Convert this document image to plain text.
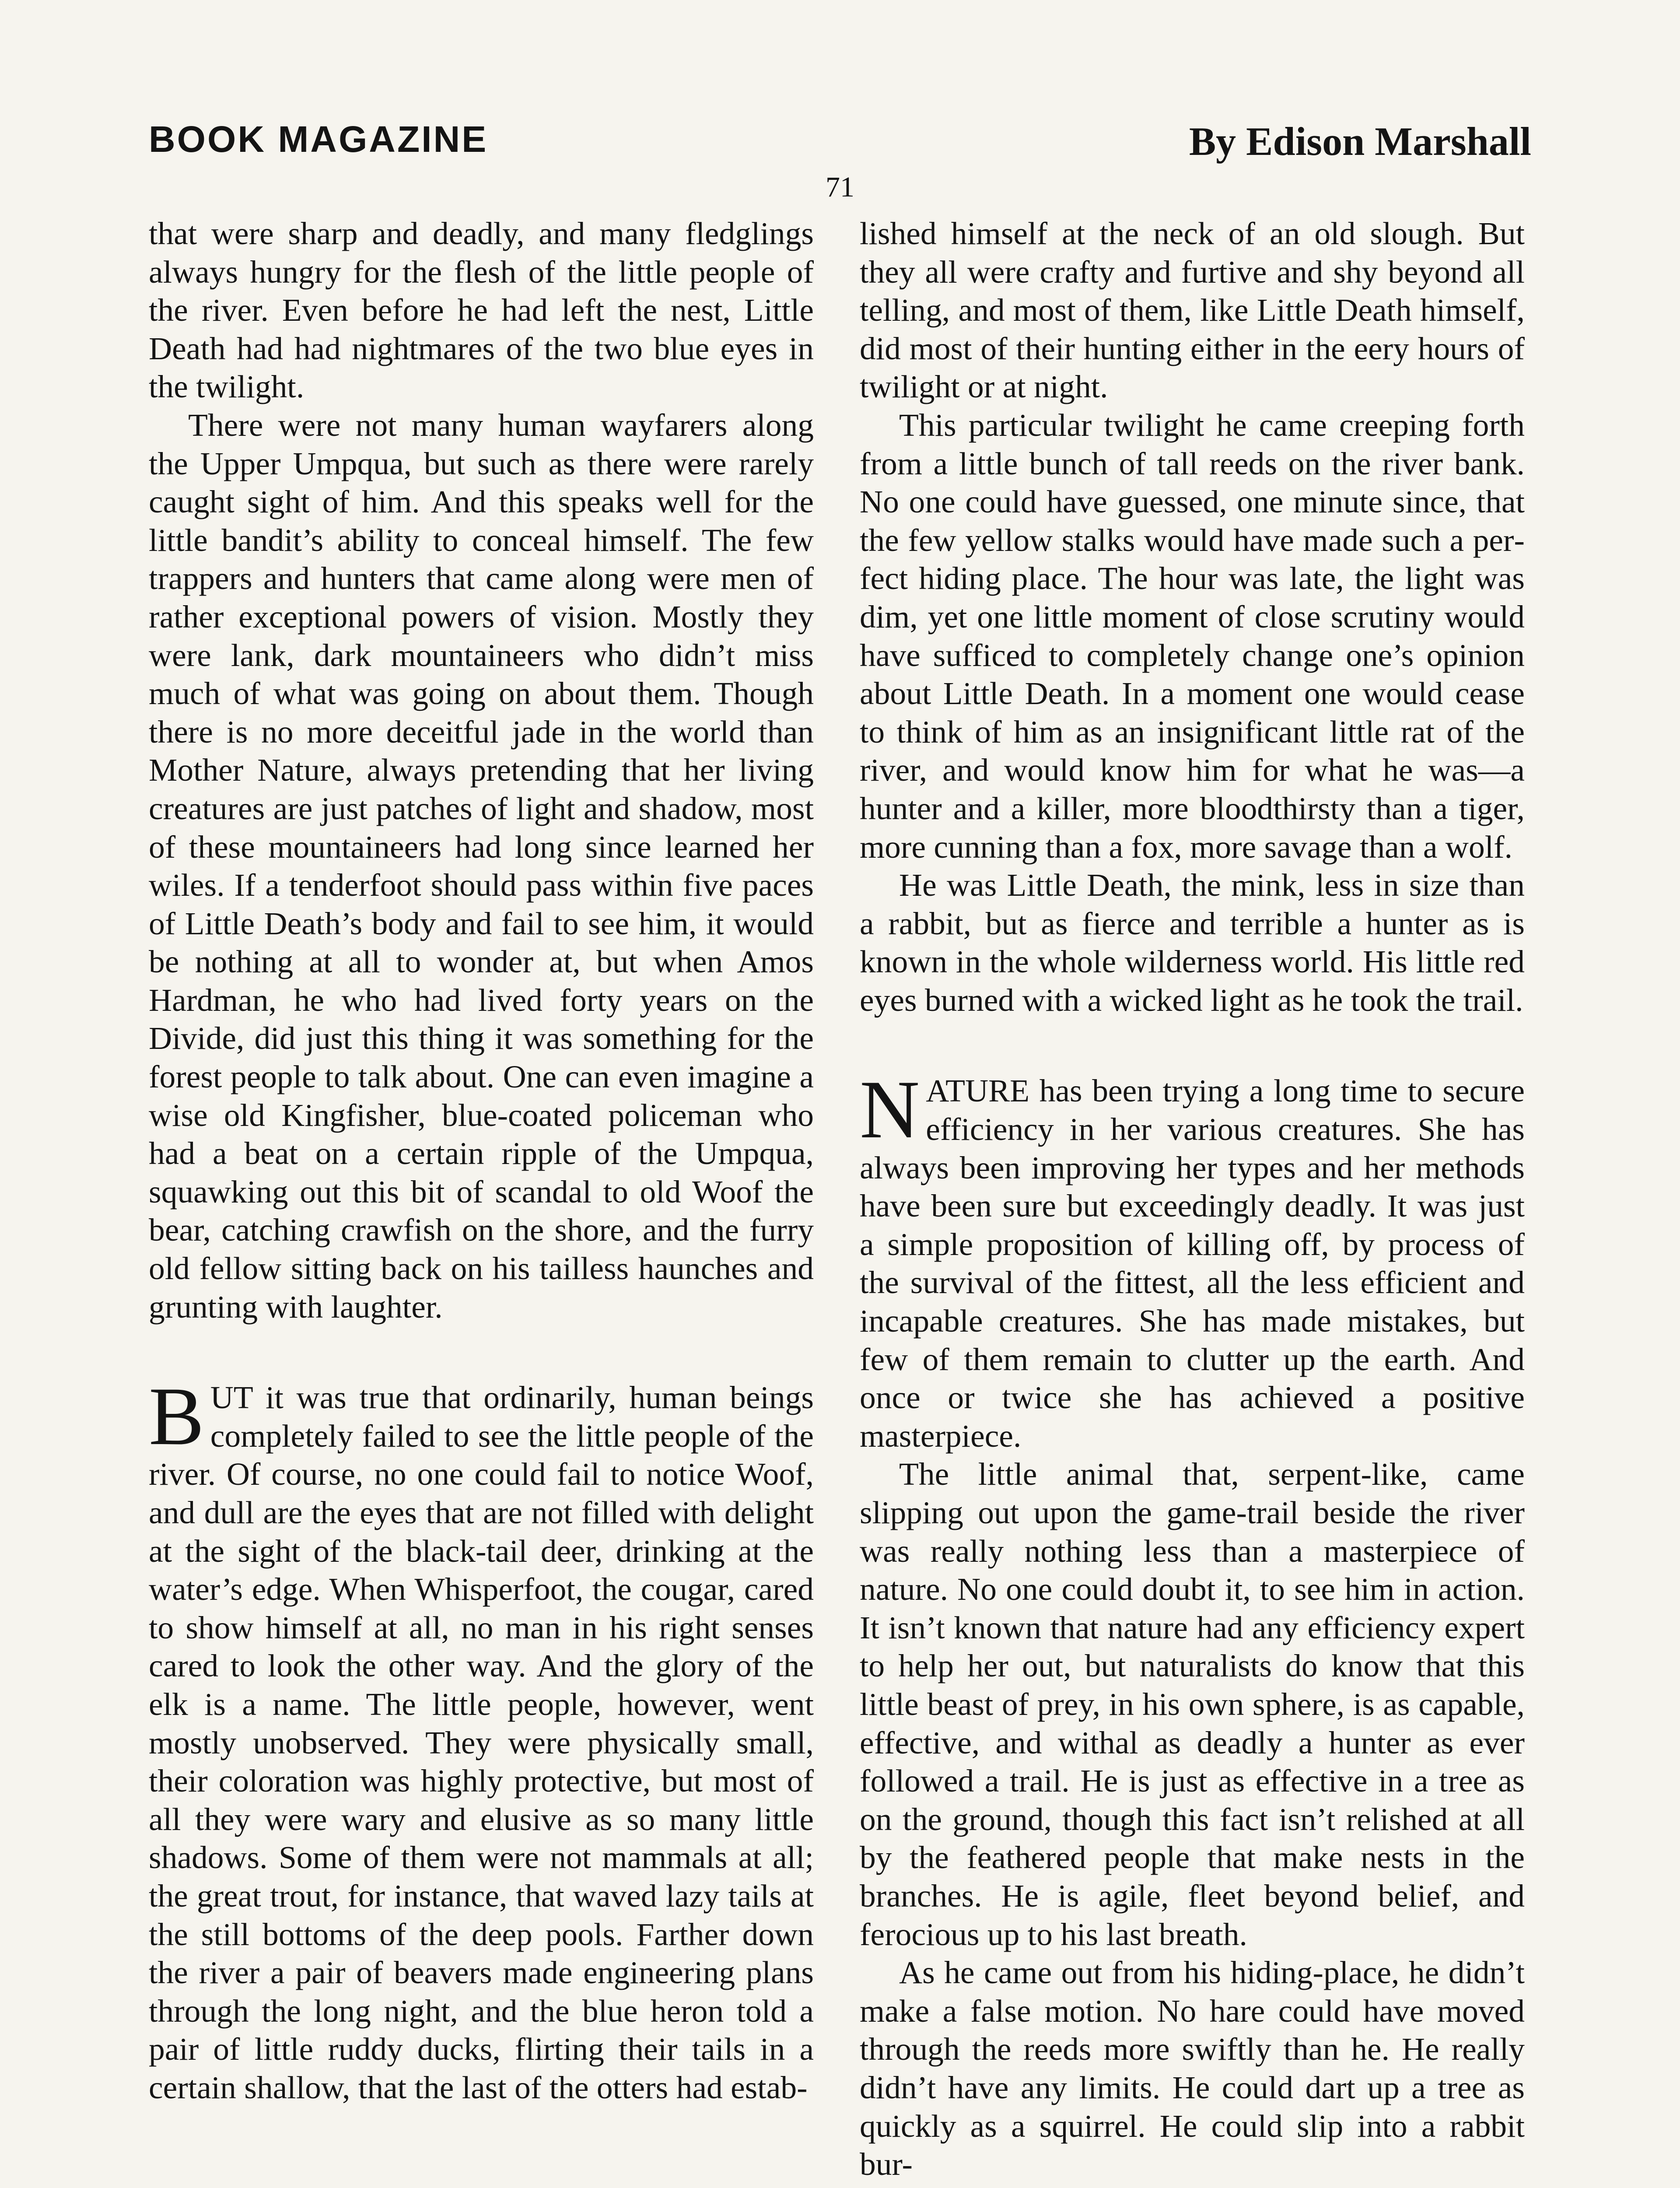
BOOK MAGAZINE	By Edison Marshall
71

that were sharp and deadly, and many fledglings always hungry for the flesh of the little people of the river. Even before he had left the nest, Little Death had had nightmares of the two blue eyes in the twilight.

There were not many human wayfarers along the Upper Umpqua, but such as there were rarely caught sight of him. And this speaks well for the little bandit’s ability to conceal himself. The few trappers and hunters that came along were men of rather exceptional powers of vision. Mostly they were lank, dark mountaineers who didn’t miss much of what was going on about them. Though there is no more deceitful jade in the world than Mother Nature, always pretending that her living creatures are just patches of light and shadow, most of these mountaineers had long since learned her wiles. If a tenderfoot should pass within five paces of Little Death’s body and fail to see him, it would be nothing at all to wonder at, but when Amos Hardman, he who had lived forty years on the Divide, did just this thing it was something for the forest people to talk about. One can even imagine a wise old Kingfisher, blue-coated policeman who had a beat on a certain ripple of the Umpqua, squawking out this bit of scandal to old Woof the bear, catching crawfish on the shore, and the furry old fellow sitting back on his tailless haunches and grunting with laughter.

BUT it was true that ordinarily, human beings completely failed to see the little people of the river. Of course, no one could fail to notice Woof, and dull are the eyes that are not filled with delight at the sight of the black-tail deer, drinking at the water’s edge. When Whisperfoot, the cougar, cared to show himself at all, no man in his right senses cared to look the other way. And the glory of the elk is a name. The little people, however, went mostly unobserved. They were physically small, their coloration was highly protective, but most of all they were wary and elusive as so many little shadows. Some of them were not mammals at all; the great trout, for instance, that waved lazy tails at the still bottoms of the deep pools. Farther down the river a pair of beavers made engineering plans through the long night, and the blue heron told a pair of little ruddy ducks, flirting their tails in a certain shallow, that the last of the otters had estab-

lished himself at the neck of an old slough. But they all were crafty and furtive and shy beyond all telling, and most of them, like Little Death himself, did most of their hunting either in the eery hours of twilight or at night.

This particular twilight he came creeping forth from a little bunch of tall reeds on the river bank. No one could have guessed, one minute since, that the few yellow stalks would have made such a perfect hiding place. The hour was late, the light was dim, yet one little moment of close scrutiny would have sufficed to completely change one’s opinion about Little Death. In a moment one would cease to think of him as an insignificant little rat of the river, and would know him for what he was—a hunter and a killer, more bloodthirsty than a tiger, more cunning than a fox, more savage than a wolf.

He was Little Death, the mink, less in size than a rabbit, but as fierce and terrible a hunter as is known in the whole wilderness world. His little red eyes burned with a wicked light as he took the trail.

NATURE has been trying a long time to secure efficiency in her various creatures. She has always been improving her types and her methods have been sure but exceedingly deadly. It was just a simple proposition of killing off, by process of the survival of the fittest, all the less efficient and incapable creatures. She has made mistakes, but few of them remain to clutter up the earth. And once or twice she has achieved a positive masterpiece.

The little animal that, serpent-like, came slipping out upon the game-trail beside the river was really nothing less than a masterpiece of nature. No one could doubt it, to see him in action. It isn’t known that nature had any efficiency expert to help her out, but naturalists do know that this little beast of prey, in his own sphere, is as capable, effective, and withal as deadly a hunter as ever followed a trail. He is just as effective in a tree as on the ground, though this fact isn’t relished at all by the feathered people that make nests in the branches. He is agile, fleet beyond belief, and ferocious up to his last breath.

As he came out from his hiding-place, he didn’t make a false motion. No hare could have moved through the reeds more swiftly than he. He really didn’t have any limits. He could dart up a tree as quickly as a squirrel. He could slip into a rabbit bur-
